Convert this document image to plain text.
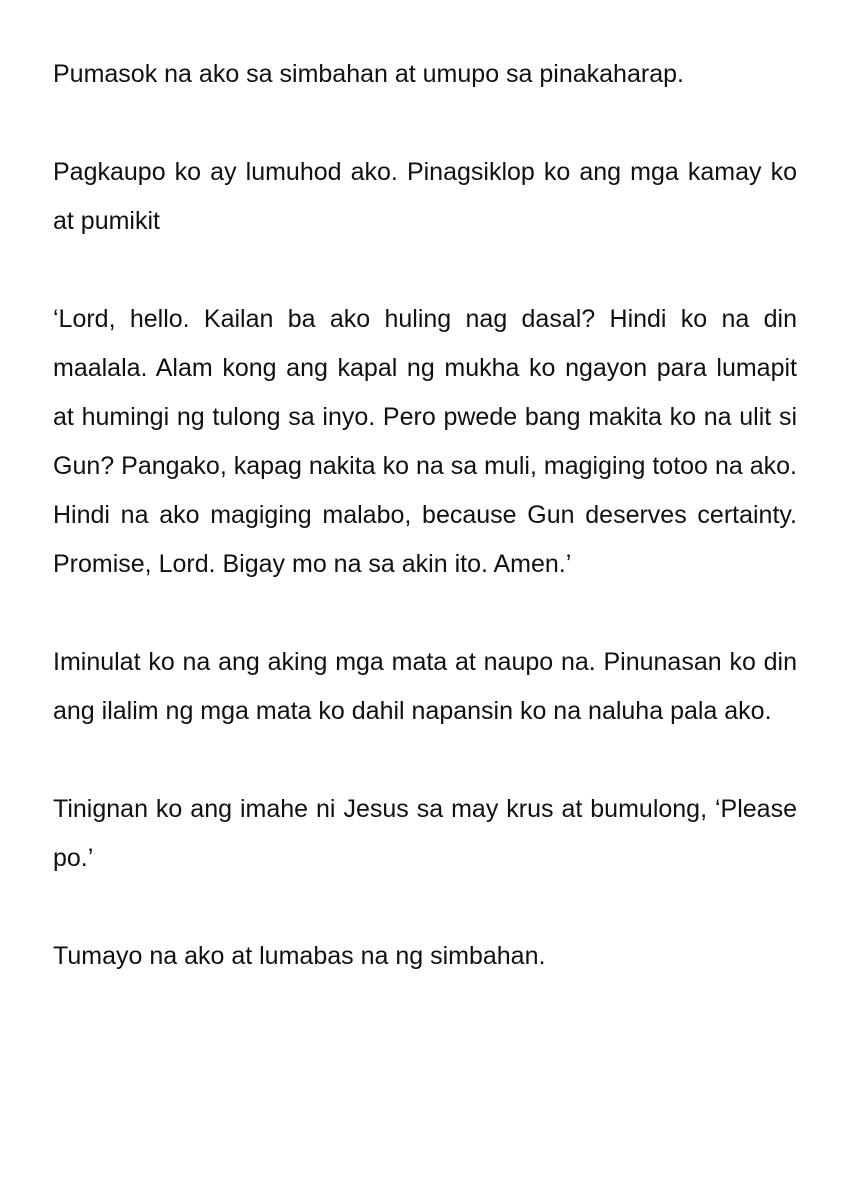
Pumasok na ako sa simbahan at umupo sa pinakaharap.

Pagkaupo ko ay lumuhod ako. Pinagsiklop ko ang mga kamay ko at pumikit

‘Lord, hello. Kailan ba ako huling nag dasal? Hindi ko na din maalala. Alam kong ang kapal ng mukha ko ngayon para lumapit at humingi ng tulong sa inyo. Pero pwede bang makita ko na ulit si Gun? Pangako, kapag nakita ko na sa muli, magiging totoo na ako. Hindi na ako magiging malabo, because Gun deserves certainty. Promise, Lord. Bigay mo na sa akin ito. Amen.’

Iminulat ko na ang aking mga mata at naupo na. Pinunasan ko din ang ilalim ng mga mata ko dahil napansin ko na naluha pala ako.

Tinignan ko ang imahe ni Jesus sa may krus at bumulong, ‘Please po.’

Tumayo na ako at lumabas na ng simbahan.
